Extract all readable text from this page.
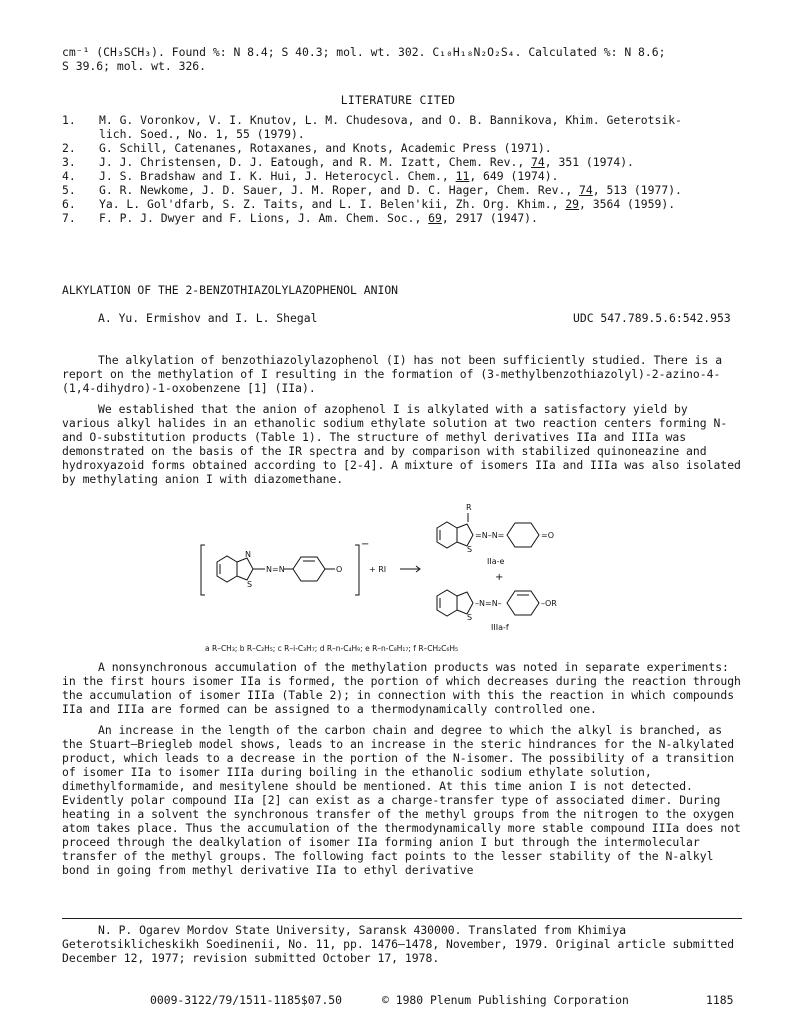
cm⁻¹ (CH₃SCH₃). Found %: N 8.4; S 40.3; mol. wt. 302. C₁₀H₁₈N₂O₂S₄. Calculated %: N 8.6;
S 39.6; mol. wt. 326.
LITERATURE CITED
1.	M. G. Voronkov, V. I. Knutov, L. M. Chudesova, and O. B. Bannikova, Khim. Geterotsik-
lich. Soed., No. 1, 55 (1979).
2.	G. Schill, Catenanes, Rotaxanes, and Knots, Academic Press (1971).
3.	J. J. Christensen, D. J. Eatough, and R. M. Izatt, Chem. Rev., 74, 351 (1974).
4.	J. S. Bradshaw and I. K. Hui, J. Heterocycl. Chem., 11, 649 (1974).
5.	G. R. Newkome, J. D. Sauer, J. M. Roper, and D. C. Hager, Chem. Rev., 74, 513 (1977).
6.	Ya. L. Gol'dfarb, S. Z. Taits, and L. I. Belen'kii, Zh. Org. Khim., 29, 3564 (1959).
7.	F. P. J. Dwyer and F. Lions, J. Am. Chem. Soc., 69, 2917 (1947).
ALKYLATION OF THE 2-BENZOTHIAZOLYLAZOPHENOL ANION
A. Yu. Ermishov and I. L. Shegal	UDC 547.789.5.6:542.953

The alkylation of benzothiazolylazophenol (I) has not been sufficiently studied. There is a report on the methylation of I resulting in the formation of (3-methylbenzothiazolyl)-2-azino-4-(1,4-dihydro)-1-oxobenzene [1] (IIa).

We established that the anion of azophenol I is alkylated with a satisfactory yield by various alkyl halides in an ethanolic sodium ethylate solution at two reaction centers forming N- and O-substitution products (Table 1). The structure of methyl derivatives IIa and IIIa was demonstrated on the basis of the IR spectra and by comparison with stabilized quinoneazine and hydroxyazoid forms obtained according to [2-4]. A mixture of isomers IIa and IIIa was also isolated by methylating anion I with diazomethane.

−
S
N
N=N	O	+ RI
R
S
=N–N=	=O
IIa-e
+
S
–N=N–	–OR
IIIa-f
a R–CH₃; b R–C₂H₅; c R–i-C₃H₇; d R–n-C₄H₉; e R–n-C₈H₁₇; f R–CH₂C₆H₅

A nonsynchronous accumulation of the methylation products was noted in separate experiments: in the first hours isomer IIa is formed, the portion of which decreases during the reaction through the accumulation of isomer IIIa (Table 2); in connection with this the reaction in which compounds IIa and IIIa are formed can be assigned to a thermodynamically controlled one.

An increase in the length of the carbon chain and degree to which the alkyl is branched, as the Stuart–Briegleb model shows, leads to an increase in the steric hindrances for the N-alkylated product, which leads to a decrease in the portion of the N-isomer. The possibility of a transition of isomer IIa to isomer IIIa during boiling in the ethanolic sodium ethylate solution, dimethylformamide, and mesitylene should be mentioned. At this time anion I is not detected. Evidently polar compound IIa [2] can exist as a charge-transfer type of associated dimer. During heating in a solvent the synchronous transfer of the methyl groups from the nitrogen to the oxygen atom takes place. Thus the accumulation of the thermodynamically more stable compound IIIa does not proceed through the dealkylation of isomer IIa forming anion I but through the intermolecular transfer of the methyl groups. The following fact points to the lesser stability of the N-alkyl bond in going from methyl derivative IIa to ethyl derivative

N. P. Ogarev Mordov State University, Saransk 430000. Translated from Khimiya Geterotsiklicheskikh Soedinenii, No. 11, pp. 1476–1478, November, 1979. Original article submitted December 12, 1977; revision submitted October 17, 1978.
0009-3122/79/1511-1185$07.50	© 1980 Plenum Publishing Corporation	1185
